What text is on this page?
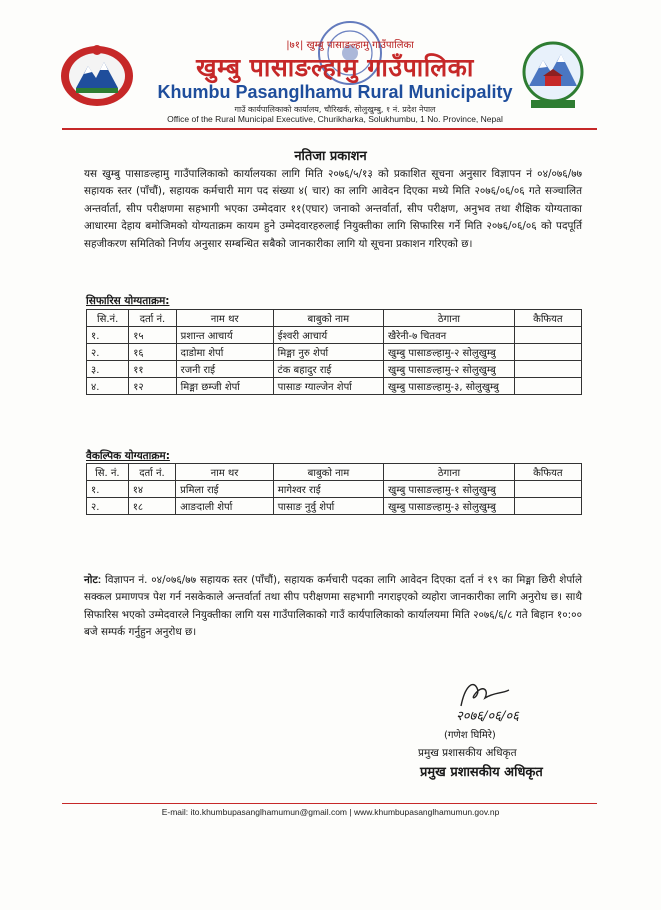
|७१| खुम्बु पासाङल्हामु गाउँपालिका
खुम्बु पासाङल्हामु गाउँपालिका
Khumbu Pasanglhamu Rural Municipality
गाउँ कार्यपालिकाको कार्यालय, चौरिखर्क, सोलुखुम्बु, १ नं. प्रदेश नेपाल
Office of the Rural Municipal Executive, Churikharka, Solukhumbu, 1 No. Province, Nepal
नतिजा प्रकाशन
यस खुम्बु पासाङल्हामु गाउँपालिकाको कार्यालयका लागि मिति २०७६/५/१३ को प्रकाशित सूचना अनुसार विज्ञापन नं ०४/०७६/७७ सहायक स्तर (पाँचौं), सहायक कर्मचारी माग पद संख्या ४( चार) का लागि आवेदन दिएका मध्ये मिति २०७६/०६/०६ गते सञ्चालित अन्तर्वार्ता, सीप परीक्षणमा सहभागी भएका उम्मेदवार ११(एघार) जनाको अन्तर्वार्ता, सीप परीक्षण, अनुभव तथा शैक्षिक योग्यताका आधारमा देहाय बमोजिमको योग्यताक्रम कायम हुने उम्मेदवारहरुलाई नियुक्तीका लागि सिफारिस गर्ने मिति २०७६/०६/०६ को पदपूर्ति सहजीकरण समितिको निर्णय अनुसार सम्बन्धित सबैको जानकारीका लागि यो सूचना प्रकाशन गरिएको छ।
सिफारिस योग्यताक्रम:
सि.नं.	दर्ता नं.	नाम थर	बाबुको नाम	ठेगाना	कैफियत
१.	१५	प्रशान्त आचार्य	ईश्वरी आचार्य	खैरेनी-७ चितवन	
२.	१६	दाडोमा शेर्पा	मिङ्मा नुरु शेर्पा	खुम्बु पासाङल्हामु-२ सोलुखुम्बु	
३.	११	रजनी राई	टंक बहादुर राई	खुम्बु पासाङल्हामु-२ सोलुखुम्बु	
४.	१२	मिङ्मा छम्जी शेर्पा	पासाङ ग्याल्जेन शेर्पा	खुम्बु पासाङल्हामु-३, सोलुखुम्बु	
वैकल्पिक योग्यताक्रम:
सि. नं.	दर्ता नं.	नाम थर	बाबुको नाम	ठेगाना	कैफियत
१.	१४	प्रमिला राई	मागेश्वर राई	खुम्बु पासाङल्हामु-१ सोलुखुम्बु	
२.	१८	आङदाली शेर्पा	पासाङ नुर्वु शेर्पा	खुम्बु पासाङल्हामु-३ सोलुखुम्बु	
नोट: विज्ञापन नं. ०४/०७६/७७ सहायक स्तर (पाँचौं), सहायक कर्मचारी पदका लागि आवेदन दिएका दर्ता नं १९ का मिङ्मा छिरी शेर्पाले सक्कल प्रमाणपत्र पेश गर्न नसकेकाले अन्तर्वार्ता तथा सीप परीक्षणमा सहभागी नगराइएको व्यहोरा जानकारीका लागि अनुरोध छ। साथै सिफारिस भएको उम्मेदवारले नियुक्तीका लागि यस गाउँपालिकाको गाउँ कार्यपालिकाको कार्यालयमा मिति २०७६/६/८ गते बिहान १०:०० बजे सम्पर्क गर्नुहुन अनुरोध छ।
२०७६/०६/०६
(गणेश घिमिरे)
प्रमुख प्रशासकीय अधिकृत
प्रमुख प्रशासकीय अधिकृत
E-mail: ito.khumbupasanglhamumun@gmail.com | www.khumbupasanglhamumun.gov.np
